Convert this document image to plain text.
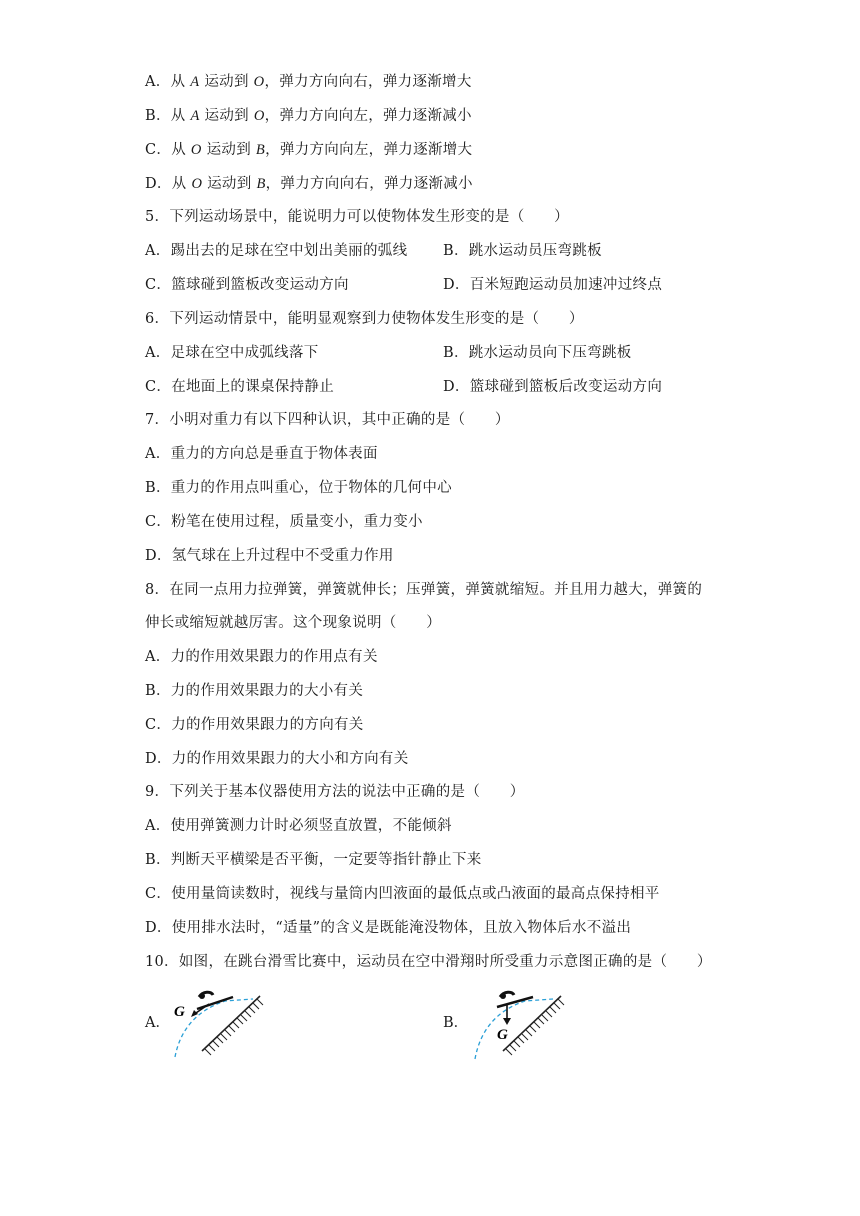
A．从 A 运动到 O，弹力方向向右，弹力逐渐增大
B．从 A 运动到 O，弹力方向向左，弹力逐渐减小
C．从 O 运动到 B，弹力方向向左，弹力逐渐增大
D．从 O 运动到 B，弹力方向向右，弹力逐渐减小
5．下列运动场景中，能说明力可以使物体发生形变的是（　　）
A．踢出去的足球在空中划出美丽的弧线 B．跳水运动员压弯跳板
C．篮球碰到篮板改变运动方向	D．百米短跑运动员加速冲过终点
6．下列运动情景中，能明显观察到力使物体发生形变的是（　　）
A．足球在空中成弧线落下	B．跳水运动员向下压弯跳板
C．在地面上的课桌保持静止	D．篮球碰到篮板后改变运动方向
7．小明对重力有以下四种认识，其中正确的是（　　）
A．重力的方向总是垂直于物体表面
B．重力的作用点叫重心，位于物体的几何中心
C．粉笔在使用过程，质量变小，重力变小
D．氢气球在上升过程中不受重力作用
8．在同一点用力拉弹簧，弹簧就伸长；压弹簧，弹簧就缩短。并且用力越大，弹簧的
伸长或缩短就越厉害。这个现象说明（　　）
A．力的作用效果跟力的作用点有关
B．力的作用效果跟力的大小有关
C．力的作用效果跟力的方向有关
D．力的作用效果跟力的大小和方向有关
9．下列关于基本仪器使用方法的说法中正确的是（　　）
A．使用弹簧测力计时必须竖直放置，不能倾斜
B．判断天平横梁是否平衡，一定要等指针静止下来
C．使用量筒读数时，视线与量筒内凹液面的最低点或凸液面的最高点保持相平
D．使用排水法时，“适量”的含义是既能淹没物体，且放入物体后水不溢出
10．如图，在跳台滑雪比赛中，运动员在空中滑翔时所受重力示意图正确的是（　　）
A．	B．
G
G
